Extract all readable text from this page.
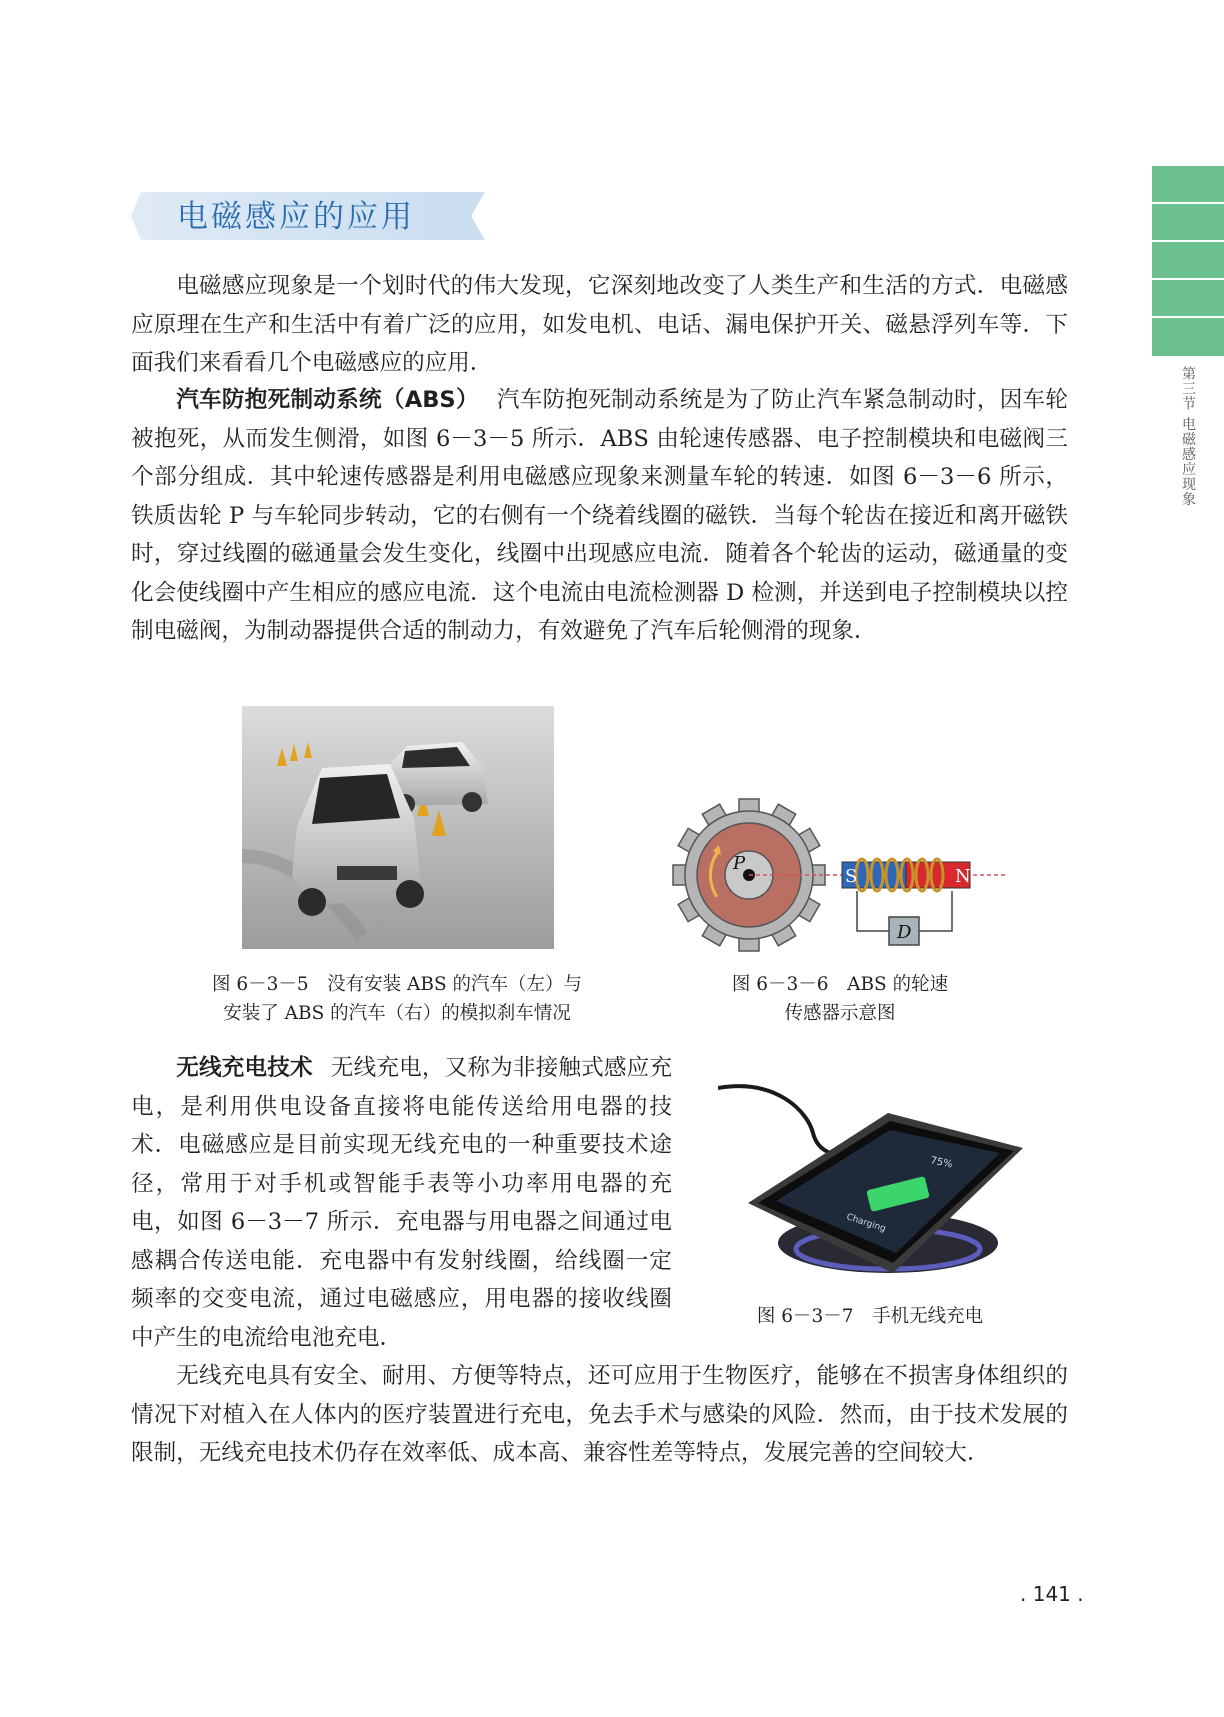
第三节 电磁感应现象
电磁感应的应用

电磁感应现象是一个划时代的伟大发现，它深刻地改变了人类生产和生活的方式．电磁感应原理在生产和生活中有着广泛的应用，如发电机、电话、漏电保护开关、磁悬浮列车等．下面我们来看看几个电磁感应的应用．

汽车防抱死制动系统（ABS） 汽车防抱死制动系统是为了防止汽车紧急制动时，因车轮被抱死，从而发生侧滑，如图 6－3－5 所示．ABS 由轮速传感器、电子控制模块和电磁阀三个部分组成．其中轮速传感器是利用电磁感应现象来测量车轮的转速．如图 6－3－6 所示，铁质齿轮 P 与车轮同步转动，它的右侧有一个绕着线圈的磁铁．当每个轮齿在接近和离开磁铁时，穿过线圈的磁通量会发生变化，线圈中出现感应电流．随着各个轮齿的运动，磁通量的变化会使线圈中产生相应的感应电流．这个电流由电流检测器 D 检测，并送到电子控制模块以控制电磁阀，为制动器提供合适的制动力，有效避免了汽车后轮侧滑的现象．

图 6－3－5　没有安装 ABS 的汽车（左）与
安装了 ABS 的汽车（右）的模拟刹车情况

P
S	N
D

图 6－3－6　ABS 的轮速
传感器示意图

无线充电技术 无线充电，又称为非接触式感应充电，是利用供电设备直接将电能传送给用电器的技术．电磁感应是目前实现无线充电的一种重要技术途径，常用于对手机或智能手表等小功率用电器的充电，如图 6－3－7 所示．充电器与用电器之间通过电感耦合传送电能．充电器中有发射线圈，给线圈一定频率的交变电流，通过电磁感应，用电器的接收线圈中产生的电流给电池充电．

75%
Charging

图 6－3－7　手机无线充电

无线充电具有安全、耐用、方便等特点，还可应用于生物医疗，能够在不损害身体组织的情况下对植入在人体内的医疗装置进行充电，免去手术与感染的风险．然而，由于技术发展的限制，无线充电技术仍存在效率低、成本高、兼容性差等特点，发展完善的空间较大．

. 141 .
